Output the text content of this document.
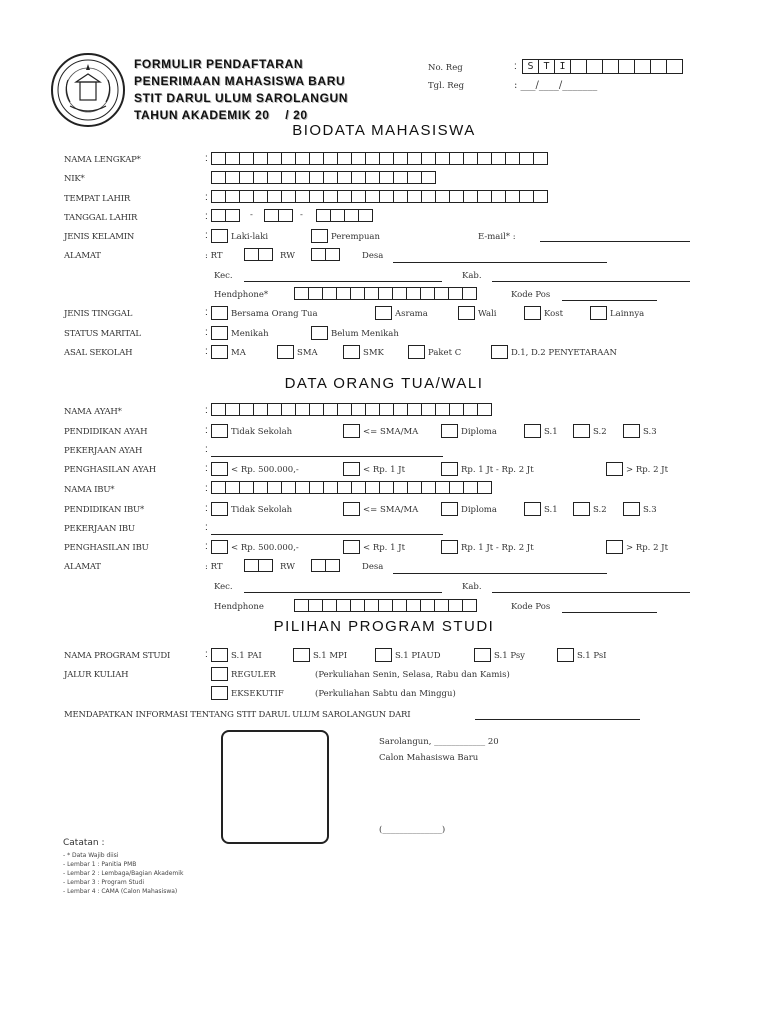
FORMULIR PENDAFTARAN
PENERIMAAN MAHASISWA BARU
STIT DARUL ULUM SAROLANGUN
TAHUN AKADEMIK 20    / 20
No. Reg	:	S T I
Tgl. Reg	: ___/____/_______
BIODATA MAHASISWA
NAMA LENGKAP*	:
NIK*
TEMPAT LAHIR	:
TANGGAL LAHIR	:	-	-
JENIS KELAMIN	:	Laki-laki	Perempuan	E-mail* :
ALAMAT	: RT	RW	Desa
Kec.	Kab.
Hendphone*	Kode Pos
JENIS TINGGAL	:	Bersama Orang Tua	Asrama	Wali	Kost	Lainnya
STATUS MARITAL	:	Menikah	Belum Menikah
ASAL SEKOLAH	:	MA	SMA	SMK	Paket C	D.1, D.2 PENYETARAAN
DATA ORANG TUA/WALI
NAMA AYAH*	:
PENDIDIKAN AYAH	:	Tidak Sekolah	<= SMA/MA	Diploma	S.1	S.2	S.3
PEKERJAAN AYAH	:
PENGHASILAN AYAH	:	< Rp. 500.000,-	< Rp. 1 Jt	Rp. 1 Jt - Rp. 2 Jt	> Rp. 2 Jt
NAMA IBU*	:
PENDIDIKAN IBU*	:	Tidak Sekolah	<= SMA/MA	Diploma	S.1	S.2	S.3
PEKERJAAN IBU	:
PENGHASILAN IBU	:	< Rp. 500.000,-	< Rp. 1 Jt	Rp. 1 Jt - Rp. 2 Jt	> Rp. 2 Jt
ALAMAT	: RT	RW	Desa
Kec.	Kab.
Hendphone	Kode Pos
PILIHAN PROGRAM STUDI
NAMA PROGRAM STUDI	:	S.1 PAI	S.1 MPI	S.1 PIAUD	S.1 Psy	S.1 PsI
JALUR KULIAH	REGULER	(Perkuliahan Senin, Selasa, Rabu dan Kamis)
EKSEKUTIF	(Perkuliahan Sabtu dan Minggu)
MENDAPATKAN INFORMASI TENTANG STIT DARUL ULUM SAROLANGUN DARI
Sarolangun, ____________ 20
Calon Mahasiswa Baru
(______________)
Catatan :
- * Data Wajib diisi
- Lembar 1 : Panitia PMB
- Lembar 2 : Lembaga/Bagian Akademik
- Lembar 3 : Program Studi
- Lembar 4 : CAMA (Calon Mahasiswa)
